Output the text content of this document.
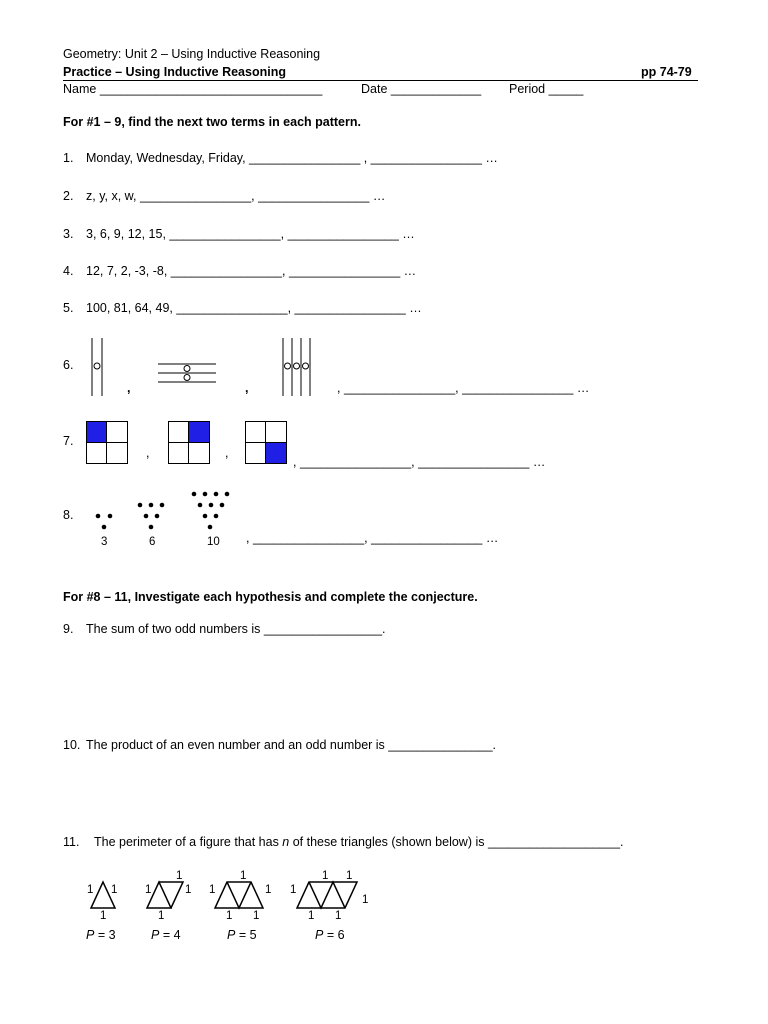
Geometry: Unit 2 – Using Inductive Reasoning
Practice – Using Inductive Reasoning	pp 74-79
Name ________________________________	Date _____________ Period _____
For #1 – 9, find the next two terms in each pattern.
1. Monday, Wednesday, Friday, ________________ , ________________ …
2. z, y, x, w, ________________, ________________ …
3. 3, 6, 9, 12, 15, ________________, ________________ …
4. 12, 7, 2, -3, -8, ________________, ________________ …
5. 100, 81, 64, 49, ________________, ________________ …
6.
,	,	, ________________, ________________ …
7.
,	,
, ________________, ________________ …
8.
3	6	10 , ________________, ________________ …
For #8 – 11, Investigate each hypothesis and complete the conjecture.
9. The sum of two odd numbers is _________________.
10. The product of an even number and an odd number is _______________.
11. The perimeter of a figure that has n of these triangles (shown below) is ___________________.
1 1
1
P = 3
1
1
1
1
P = 4
1
1
1
1 1
P = 5
1
1 1
1
1 1
P = 6
